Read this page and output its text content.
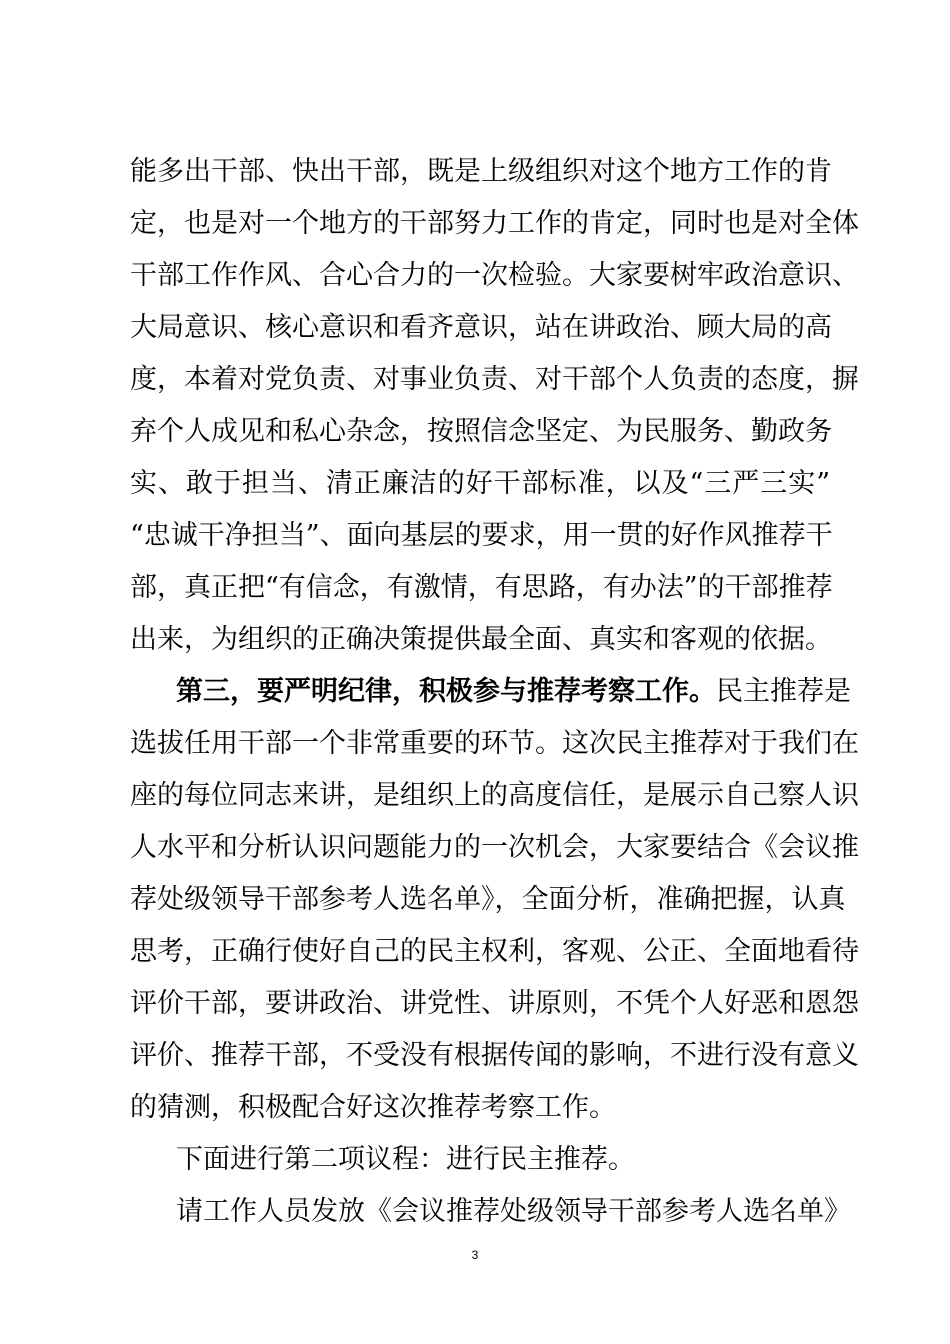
能多出干部、快出干部，既是上级组织对这个地方工作的肯
定，也是对一个地方的干部努力工作的肯定，同时也是对全体
干部工作作风、合心合力的一次检验。大家要树牢政治意识、
大局意识、核心意识和看齐意识，站在讲政治、顾大局的高
度，本着对党负责、对事业负责、对干部个人负责的态度，摒
弃个人成见和私心杂念，按照信念坚定、为民服务、勤政务
实、敢于担当、清正廉洁的好干部标准，以及“三严三实”
“忠诚干净担当”、面向基层的要求，用一贯的好作风推荐干
部，真正把“有信念，有激情，有思路，有办法”的干部推荐
出来，为组织的正确决策提供最全面、真实和客观的依据。
第三，要严明纪律，积极参与推荐考察工作。民主推荐是
选拔任用干部一个非常重要的环节。这次民主推荐对于我们在
座的每位同志来讲，是组织上的高度信任，是展示自己察人识
人水平和分析认识问题能力的一次机会，大家要结合《会议推
荐处级领导干部参考人选名单》，全面分析，准确把握，认真
思考，正确行使好自己的民主权利，客观、公正、全面地看待
评价干部，要讲政治、讲党性、讲原则，不凭个人好恶和恩怨
评价、推荐干部，不受没有根据传闻的影响，不进行没有意义
的猜测，积极配合好这次推荐考察工作。
下面进行第二项议程：进行民主推荐。
请工作人员发放《会议推荐处级领导干部参考人选名单》
3
